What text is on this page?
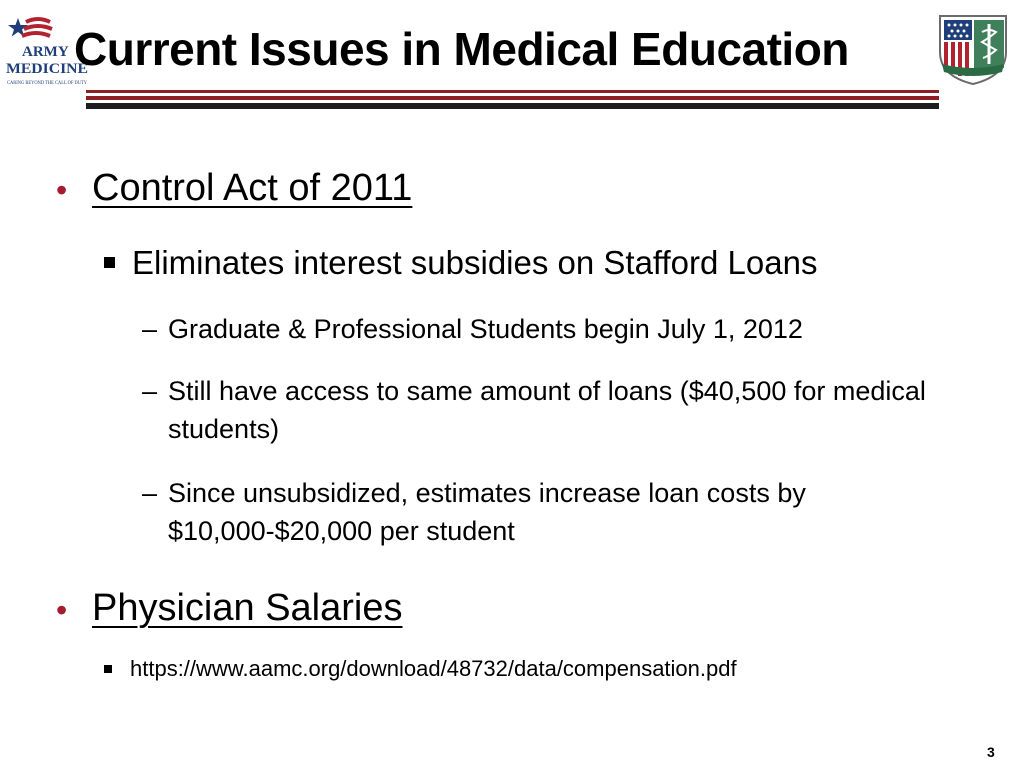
ARMY
MEDICINE
CARING BEYOND THE CALL OF DUTY
Current Issues in Medical Education
• Control Act of 2011
Eliminates interest subsidies on Stafford Loans
– Graduate & Professional Students begin July 1, 2012
– Still have access to same amount of loans ($40,500 for medical students)
– Since unsubsidized, estimates increase loan costs by $10,000-$20,000 per student
• Physician Salaries
https://www.aamc.org/download/48732/data/compensation.pdf
3
